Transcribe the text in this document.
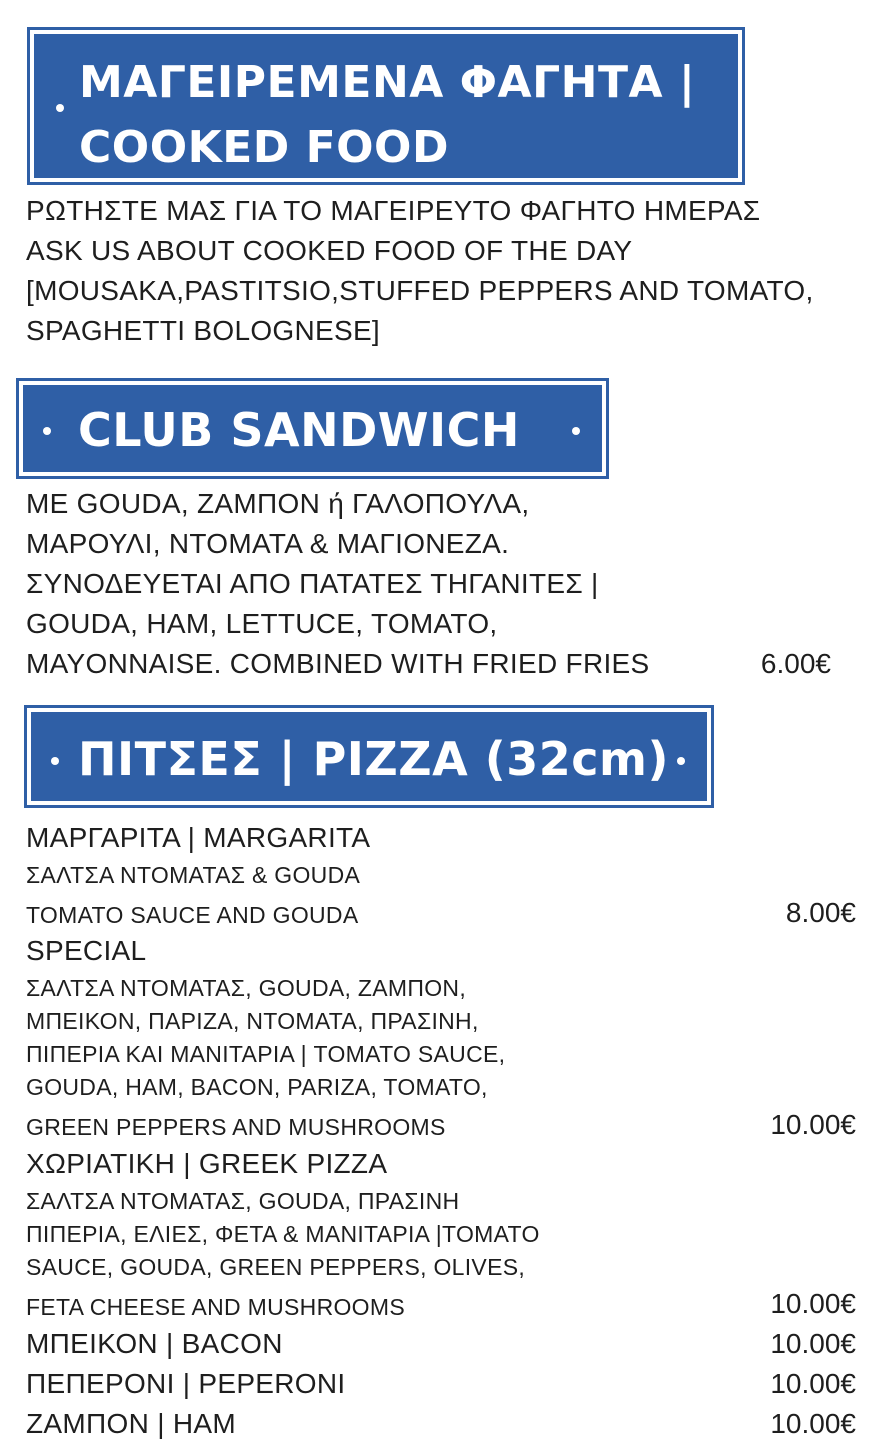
ΜΑΓΕΙΡΕΜΕΝΑ ΦΑΓΗΤΑ |
COOKED FOOD
ΡΩΤΗΣΤΕ ΜΑΣ ΓΙΑ ΤΟ ΜΑΓΕΙΡΕΥΤΟ ΦΑΓΗΤΟ ΗΜΕΡΑΣ
ASK US ABOUT COOKED FOOD OF THE DAY
[MOUSAKA,PASTITSIO,STUFFED PEPPERS AND TOMATO,
SPAGHETTI BOLOGNESE]
CLUB SANDWICH
ΜΕ GOUDA, ΖΑΜΠΟΝ ή ΓΑΛΟΠΟΥΛΑ,
ΜΑΡΟΥΛΙ, ΝΤΟΜΑΤΑ & ΜΑΓΙΟΝΕΖΑ.
ΣΥΝΟΔΕΥΕΤΑΙ ΑΠΟ ΠΑΤΑΤΕΣ ΤΗΓΑΝΙΤΕΣ |
GOUDA, HAM, LETTUCE, TOMATO,
MAYONNAISE. COMBINED WITH FRIED FRIES	6.00€
ΠΙΤΣΕΣ | PIZZA (32cm)
ΜΑΡΓΑΡΙΤΑ | MARGARITA
ΣΑΛΤΣΑ ΝΤΟΜΑΤΑΣ & GOUDA
TOMATO SAUCE AND GOUDA	8.00€
SPECIAL
ΣΑΛΤΣΑ ΝΤΟΜΑΤΑΣ, GOUDA, ΖΑΜΠΟΝ,
ΜΠΕΙΚΟΝ, ΠΑΡΙΖΑ, ΝΤΟΜΑΤΑ, ΠΡΑΣΙΝΗ,
ΠΙΠΕΡΙΑ ΚΑΙ ΜΑΝΙΤΑΡΙΑ | TOMATO SAUCE,
GOUDA, HAM, BACON, PARIZA, TOMATO,
GREEN PEPPERS AND MUSHROOMS	10.00€
ΧΩΡΙΑΤΙΚΗ | GREEK PIZZA
ΣΑΛΤΣΑ ΝΤΟΜΑΤΑΣ, GOUDA, ΠΡΑΣΙΝΗ
ΠΙΠΕΡΙΑ, ΕΛΙΕΣ, ΦΕΤΑ & ΜΑΝΙΤΑΡΙΑ |TOMATO
SAUCE, GOUDA, GREEN PEPPERS, OLIVES,
FETA CHEESE AND MUSHROOMS	10.00€
ΜΠΕΙΚΟΝ | BACON	10.00€
ΠΕΠΕΡΟΝΙ | PEPERONI	10.00€
ΖΑΜΠΟΝ | HAM	10.00€
